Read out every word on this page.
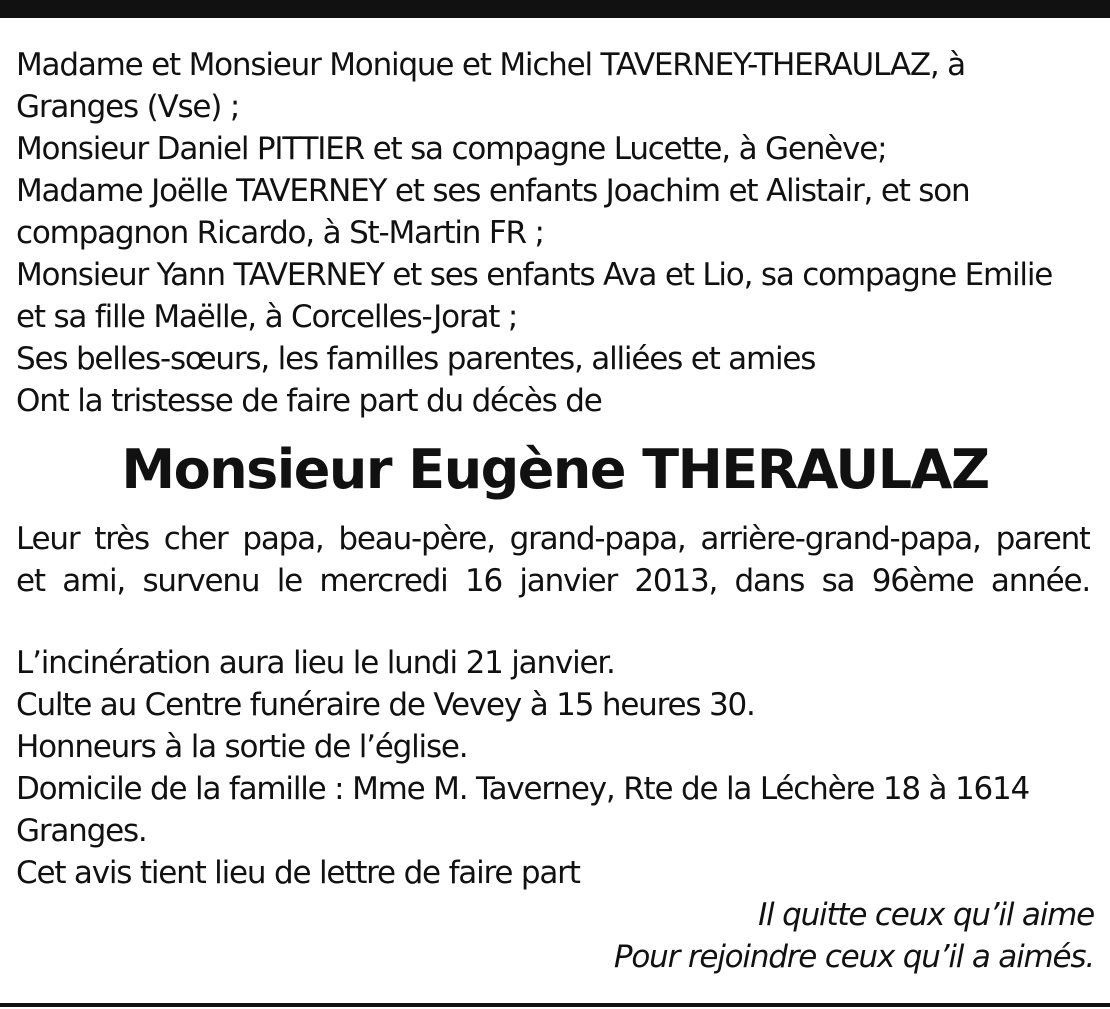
Madame et Monsieur Monique et Michel TAVERNEY-THERAULAZ, à
Granges (Vse) ;
Monsieur Daniel PITTIER et sa compagne Lucette, à Genève;
Madame Joëlle TAVERNEY et ses enfants Joachim et Alistair, et son
compagnon Ricardo, à St-Martin FR ;
Monsieur Yann TAVERNEY et ses enfants Ava et Lio, sa compagne Emilie
et sa fille Maëlle, à Corcelles-Jorat ;
Ses belles-sœurs, les familles parentes, alliées et amies
Ont la tristesse de faire part du décès de
Monsieur Eugène THERAULAZ
Leur très cher papa, beau-père, grand-papa, arrière-grand-papa, parent
et ami, survenu le mercredi 16 janvier 2013, dans sa 96ème année.
L’incinération aura lieu le lundi 21 janvier.
Culte au Centre funéraire de Vevey à 15 heures 30.
Honneurs à la sortie de l’église.
Domicile de la famille : Mme M. Taverney, Rte de la Léchère 18 à 1614
Granges.
Cet avis tient lieu de lettre de faire part
Il quitte ceux qu’il aime
Pour rejoindre ceux qu’il a aimés.
